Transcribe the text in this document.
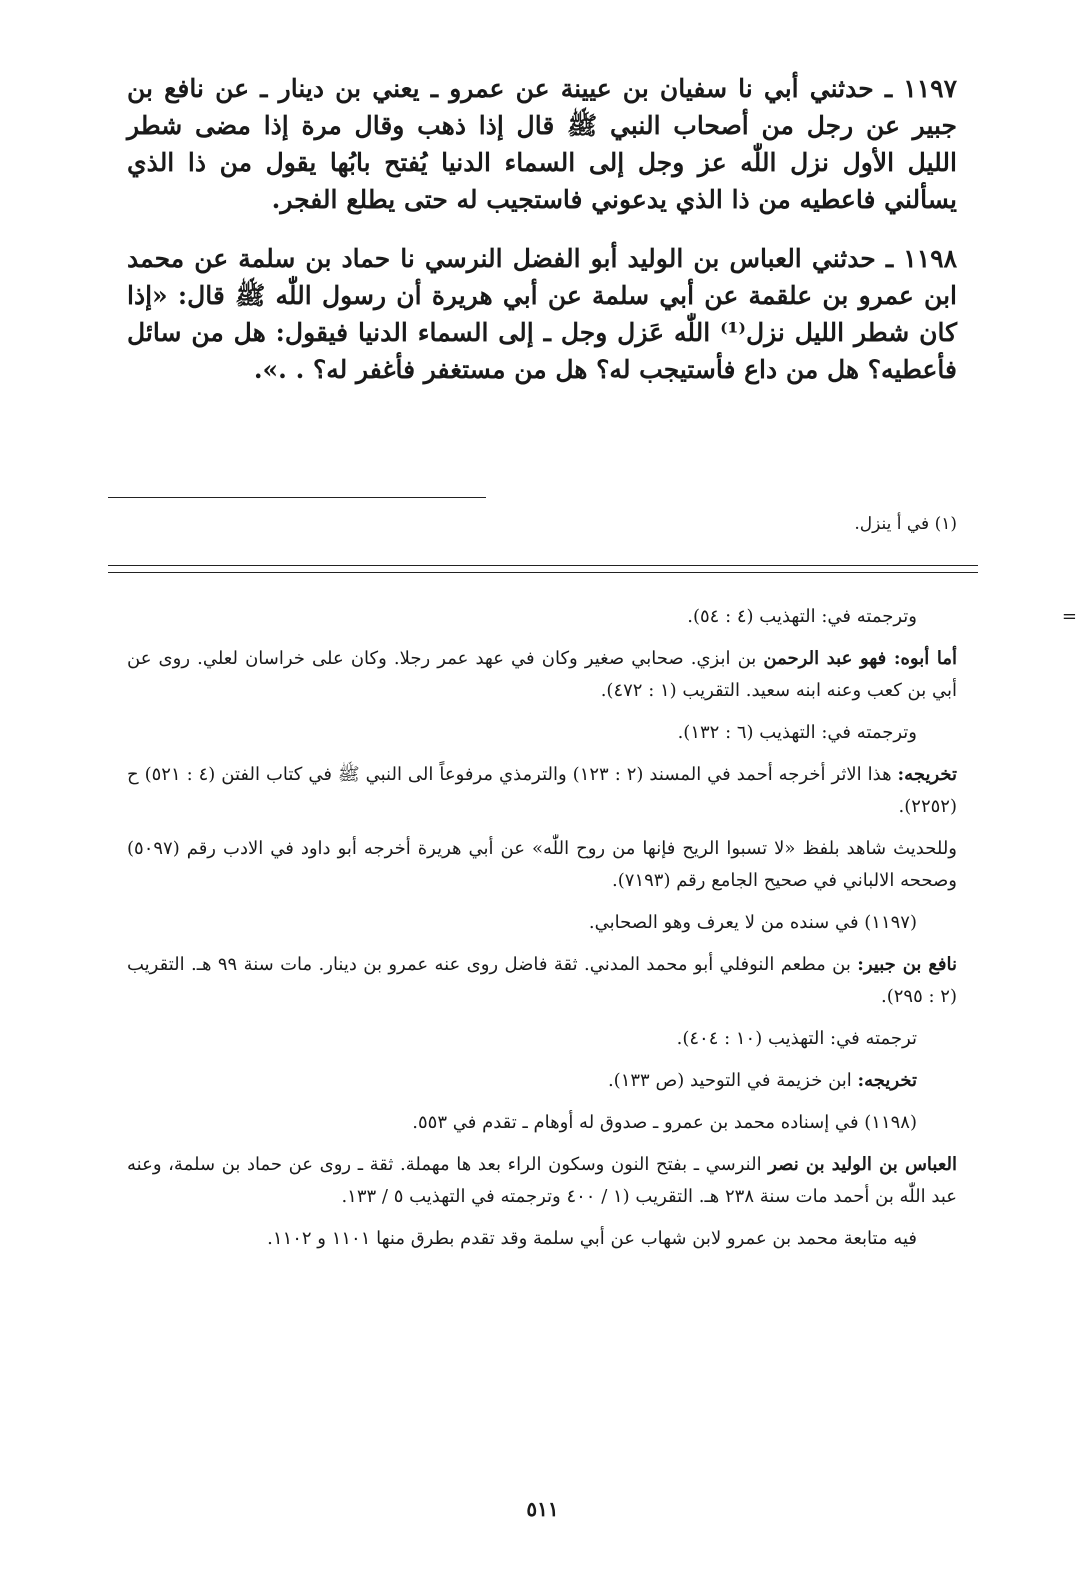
١١٩٧ ـ حدثني أبي نا سفيان بن عيينة عن عمرو ـ يعني بن دينار ـ عن نافع بن جبير عن رجل من أصحاب النبي ﷺ قال إذا ذهب وقال مرة إذا مضى شطر الليل الأول نزل اللّٰه عز وجل إلى السماء الدنيا يُفتح بابُها يقول من ذا الذي يسألني فاعطيه من ذا الذي يدعوني فاستجيب له حتى يطلع الفجر.

١١٩٨ ـ حدثني العباس بن الوليد أبو الفضل النرسي نا حماد بن سلمة عن محمد ابن عمرو بن علقمة عن أبي سلمة عن أبي هريرة أن رسول اللّٰه ﷺ قال: «إذا كان شطر الليل نزل⁽¹⁾ اللّٰه عَزل وجل ـ إلى السماء الدنيا فيقول: هل من سائل فأعطيه؟ هل من داع فأستيجب له؟ هل من مستغفر فأغفر له؟ . .».

(١) في أ ينزل.

=
وترجمته في: التهذيب (٤ : ٥٤).

أما أبوه: فهو عبد الرحمن بن ابزي. صحابي صغير وكان في عهد عمر رجلا. وكان على خراسان لعلي. روى عن أبي بن كعب وعنه ابنه سعيد. التقريب (١ : ٤٧٢).

وترجمته في: التهذيب (٦ : ١٣٢).

تخريجه: هذا الاثر أخرجه أحمد في المسند (٢ : ١٢٣) والترمذي مرفوعاً الى النبي ﷺ في كتاب الفتن (٤ : ٥٢١) ح (٢٢٥٢).

وللحديث شاهد بلفظ «لا تسبوا الريح فإنها من روح اللّٰه» عن أبي هريرة أخرجه أبو داود في الادب رقم (٥٠٩٧) وصححه الالباني في صحيح الجامع رقم (٧١٩٣).

(١١٩٧) في سنده من لا يعرف وهو الصحابي.

نافع بن جبير: بن مطعم النوفلي أبو محمد المدني. ثقة فاضل روى عنه عمرو بن دينار. مات سنة ٩٩ هـ. التقريب (٢ : ٢٩٥).

ترجمته في: التهذيب (١٠ : ٤٠٤).

تخريجه: ابن خزيمة في التوحيد (ص ١٣٣).

(١١٩٨) في إسناده محمد بن عمرو ـ صدوق له أوهام ـ تقدم في ٥٥٣.

العباس بن الوليد بن نصر النرسي ـ بفتح النون وسكون الراء بعد ها مهملة. ثقة ـ روى عن حماد بن سلمة، وعنه عبد اللّٰه بن أحمد مات سنة ٢٣٨ هـ. التقريب (١ / ٤٠٠ وترجمته في التهذيب ٥ / ١٣٣.

فيه متابعة محمد بن عمرو لابن شهاب عن أبي سلمة وقد تقدم بطرق منها ١١٠١ و ١١٠٢.

٥١١
